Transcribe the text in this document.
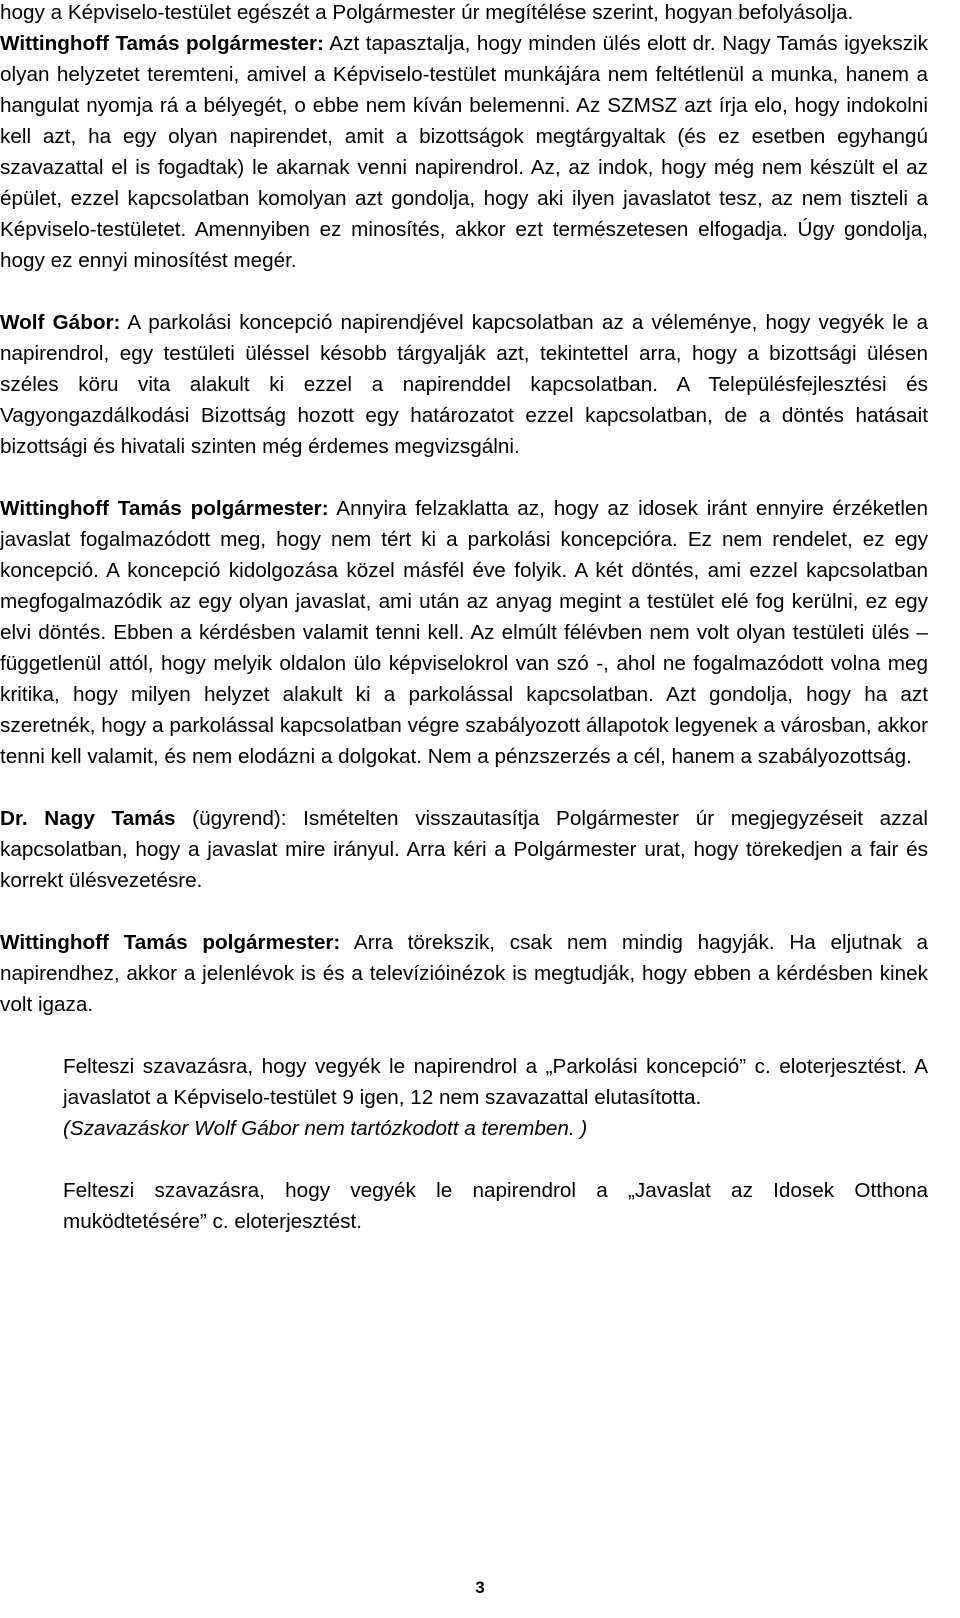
hogy a Képviselo-testület egészét a Polgármester úr megítélése szerint, hogyan befolyásolja.

Wittinghoff Tamás polgármester: Azt tapasztalja, hogy minden ülés elott dr. Nagy Tamás igyekszik olyan helyzetet teremteni, amivel a Képviselo-testület munkájára nem feltétlenül a munka, hanem a hangulat nyomja rá a bélyegét, o ebbe nem kíván belemenni. Az SZMSZ azt írja elo, hogy indokolni kell azt, ha egy olyan napirendet, amit a bizottságok megtárgyaltak (és ez esetben egyhangú szavazattal el is fogadtak) le akarnak venni napirendrol. Az, az indok, hogy még nem készült el az épület, ezzel kapcsolatban komolyan azt gondolja, hogy aki ilyen javaslatot tesz, az nem tiszteli a Képviselo-testületet. Amennyiben ez minosítés, akkor ezt természetesen elfogadja. Úgy gondolja, hogy ez ennyi minosítést megér.

Wolf Gábor: A parkolási koncepció napirendjével kapcsolatban az a véleménye, hogy vegyék le a napirendrol, egy testületi üléssel késobb tárgyalják azt, tekintettel arra, hogy a bizottsági ülésen széles köru vita alakult ki ezzel a napirenddel kapcsolatban. A Településfejlesztési és Vagyongazdálkodási Bizottság hozott egy határozatot ezzel kapcsolatban, de a döntés hatásait bizottsági és hivatali szinten még érdemes megvizsgálni.

Wittinghoff Tamás polgármester: Annyira felzaklatta az, hogy az idosek iránt ennyire érzéketlen javaslat fogalmazódott meg, hogy nem tért ki a parkolási koncepcióra. Ez nem rendelet, ez egy koncepció. A koncepció kidolgozása közel másfél éve folyik. A két döntés, ami ezzel kapcsolatban megfogalmazódik az egy olyan javaslat, ami után az anyag megint a testület elé fog kerülni, ez egy elvi döntés. Ebben a kérdésben valamit tenni kell. Az elmúlt félévben nem volt olyan testületi ülés – függetlenül attól, hogy melyik oldalon ülo képviselokrol van szó -, ahol ne fogalmazódott volna meg kritika, hogy milyen helyzet alakult ki a parkolással kapcsolatban. Azt gondolja, hogy ha azt szeretnék, hogy a parkolással kapcsolatban végre szabályozott állapotok legyenek a városban, akkor tenni kell valamit, és nem elodázni a dolgokat. Nem a pénzszerzés a cél, hanem a szabályozottság.

Dr. Nagy Tamás (ügyrend): Ismételten visszautasítja Polgármester úr megjegyzéseit azzal kapcsolatban, hogy a javaslat mire irányul. Arra kéri a Polgármester urat, hogy törekedjen a fair és korrekt ülésvezetésre.

Wittinghoff Tamás polgármester: Arra törekszik, csak nem mindig hagyják. Ha eljutnak a napirendhez, akkor a jelenlévok is és a televízióinézok is megtudják, hogy ebben a kérdésben kinek volt igaza.

Felteszi szavazásra, hogy vegyék le napirendrol a „Parkolási koncepció” c. eloterjesztést. A javaslatot a Képviselo-testület 9 igen, 12 nem szavazattal elutasította.

(Szavazáskor Wolf Gábor nem tartózkodott a teremben. )

Felteszi szavazásra, hogy vegyék le napirendrol a „Javaslat az Idosek Otthona muködtetésére” c. eloterjesztést.

3
